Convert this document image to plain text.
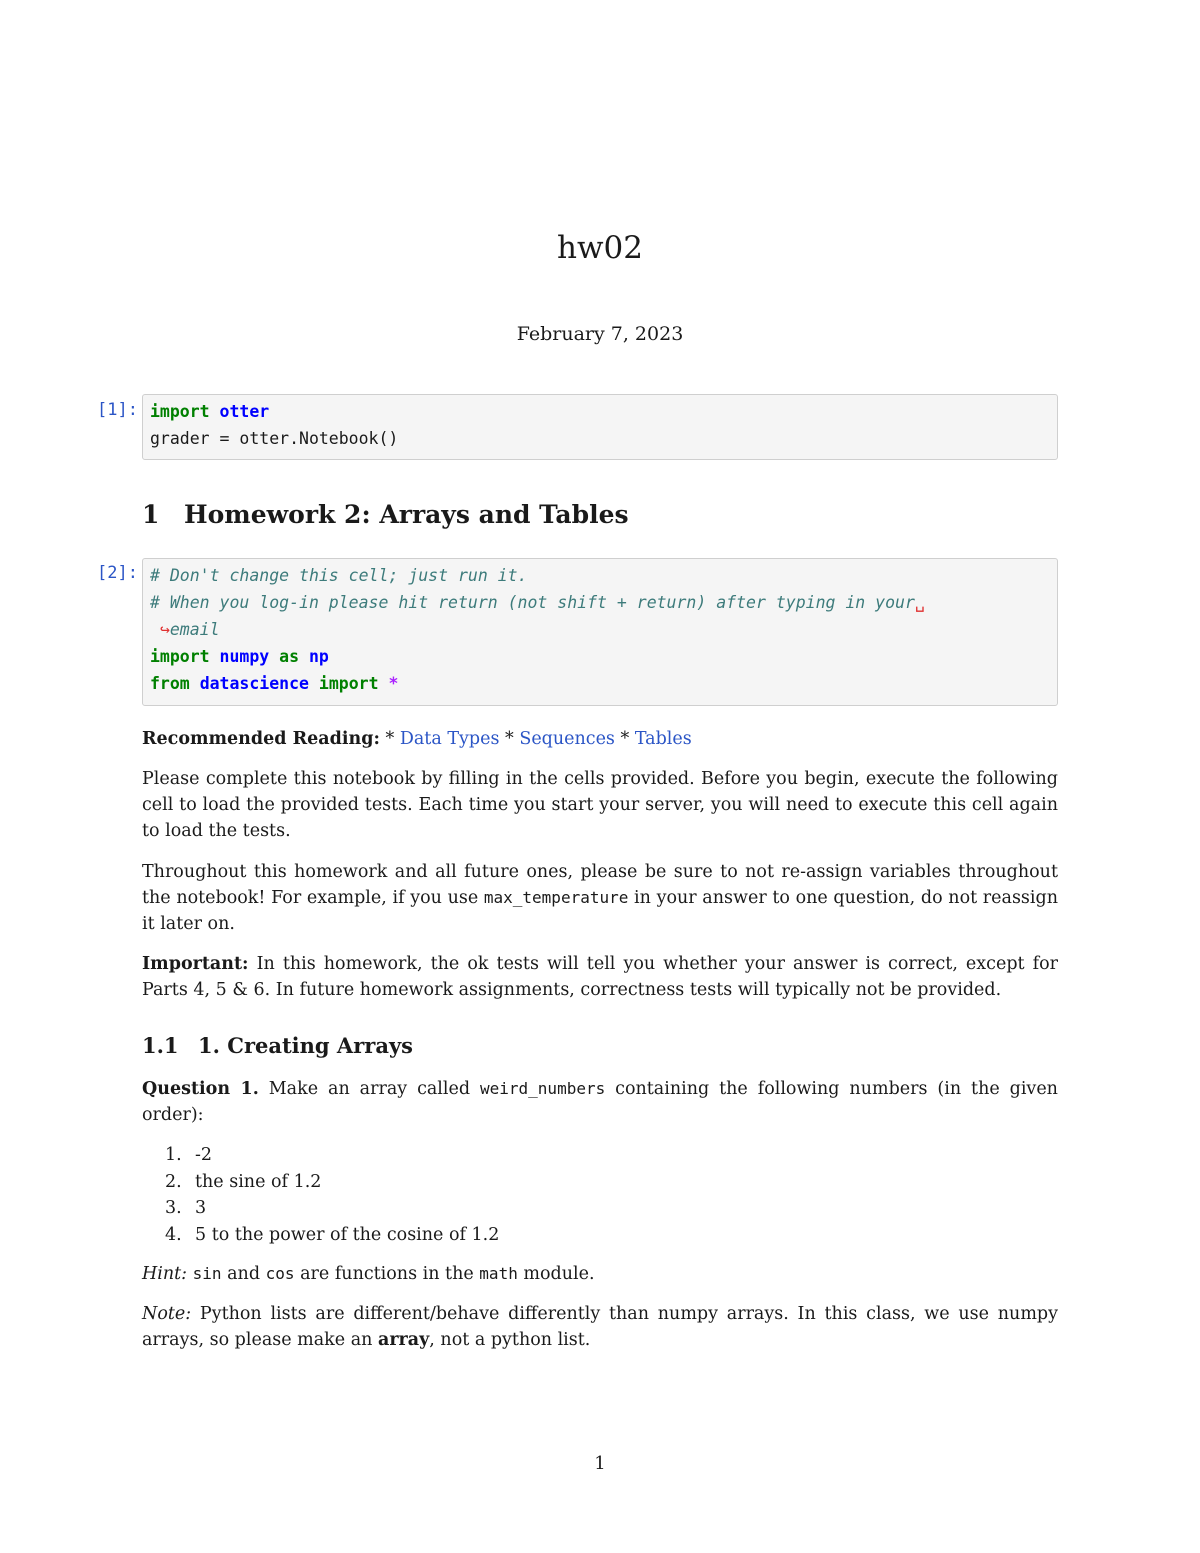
hw02
February 7, 2023
[1]: import otter
grader = otter.Notebook()
1 Homework 2: Arrays and Tables
[2]: # Don't change this cell; just run it.
# When you log-in please hit return (not shift + return) after typing in your␣
↪email
import numpy as np
from datascience import *
Recommended Reading: * Data Types * Sequences * Tables
Please complete this notebook by filling in the cells provided. Before you begin, execute the following cell to load the provided tests. Each time you start your server, you will need to execute this cell again to load the tests.
Throughout this homework and all future ones, please be sure to not re-assign variables throughout the notebook! For example, if you use max_temperature in your answer to one question, do not reassign it later on.
Important: In this homework, the ok tests will tell you whether your answer is correct, except for Parts 4, 5 & 6. In future homework assignments, correctness tests will typically not be provided.
1.1 1. Creating Arrays
Question 1. Make an array called weird_numbers containing the following numbers (in the given order):
1. -2
2. the sine of 1.2
3. 3
4. 5 to the power of the cosine of 1.2
Hint: sin and cos are functions in the math module.
Note: Python lists are different/behave differently than numpy arrays. In this class, we use numpy arrays, so please make an array, not a python list.
1
